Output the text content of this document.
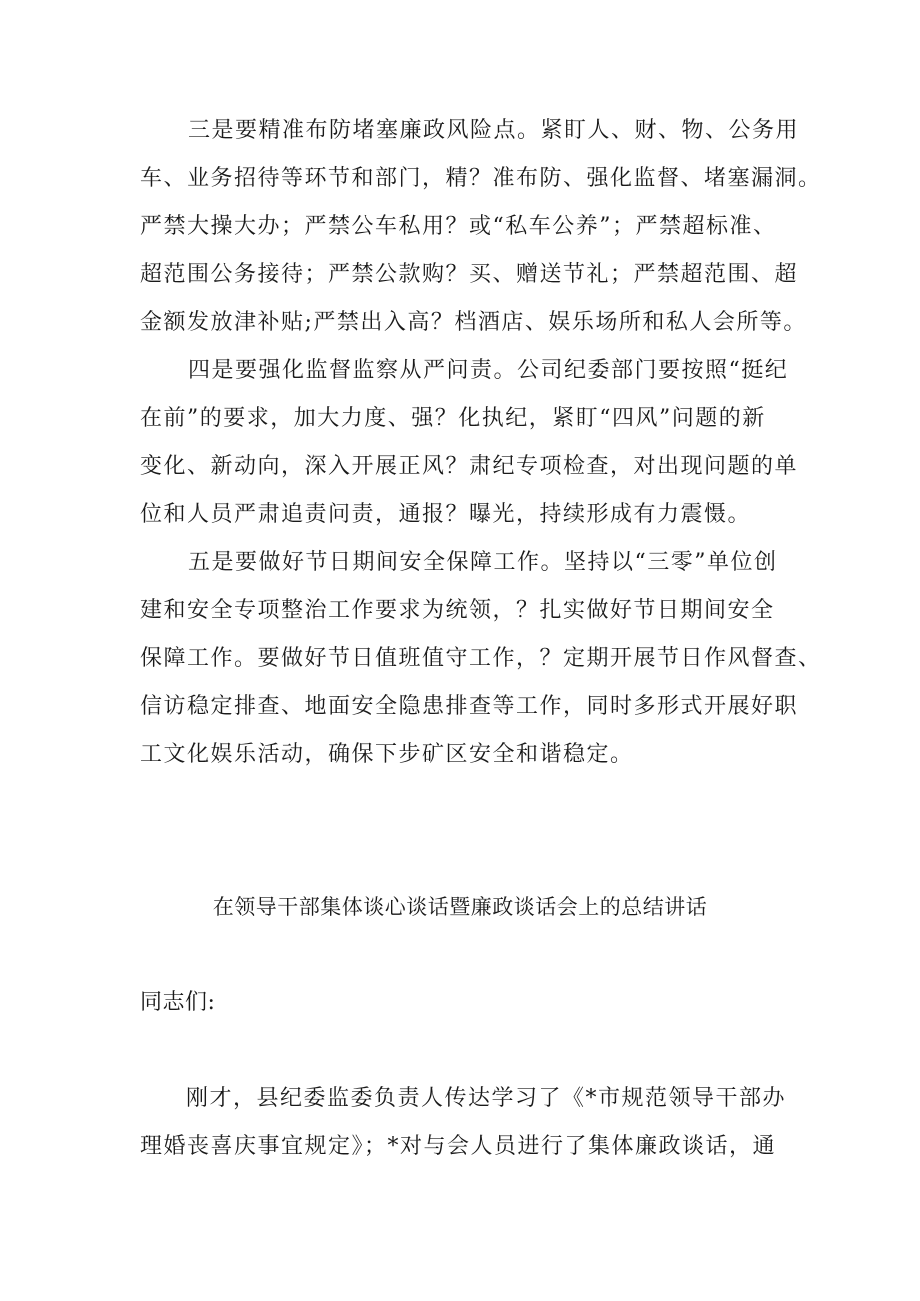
三是要精准布防堵塞廉政风险点。紧盯人、财、物、公务用
车、业务招待等环节和部门，精？准布防、强化监督、堵塞漏洞。
严禁大操大办；严禁公车私用？或“私车公养”；严禁超标准、
超范围公务接待；严禁公款购？买、赠送节礼；严禁超范围、超
金额发放津补贴;严禁出入高？档酒店、娱乐场所和私人会所等。
四是要强化监督监察从严问责。公司纪委部门要按照“挺纪
在前”的要求，加大力度、强？化执纪，紧盯“四风”问题的新
变化、新动向，深入开展正风？肃纪专项检查，对出现问题的单
位和人员严肃追责问责，通报？曝光，持续形成有力震慑。
五是要做好节日期间安全保障工作。坚持以“三零”单位创
建和安全专项整治工作要求为统领，？扎实做好节日期间安全
保障工作。要做好节日值班值守工作，？定期开展节日作风督查、
信访稳定排查、地面安全隐患排查等工作，同时多形式开展好职
工文化娱乐活动，确保下步矿区安全和谐稳定。
在领导干部集体谈心谈话暨廉政谈话会上的总结讲话
同志们:
刚才，县纪委监委负责人传达学习了《*市规范领导干部办
理婚丧喜庆事宜规定》；*对与会人员进行了集体廉政谈话，通
